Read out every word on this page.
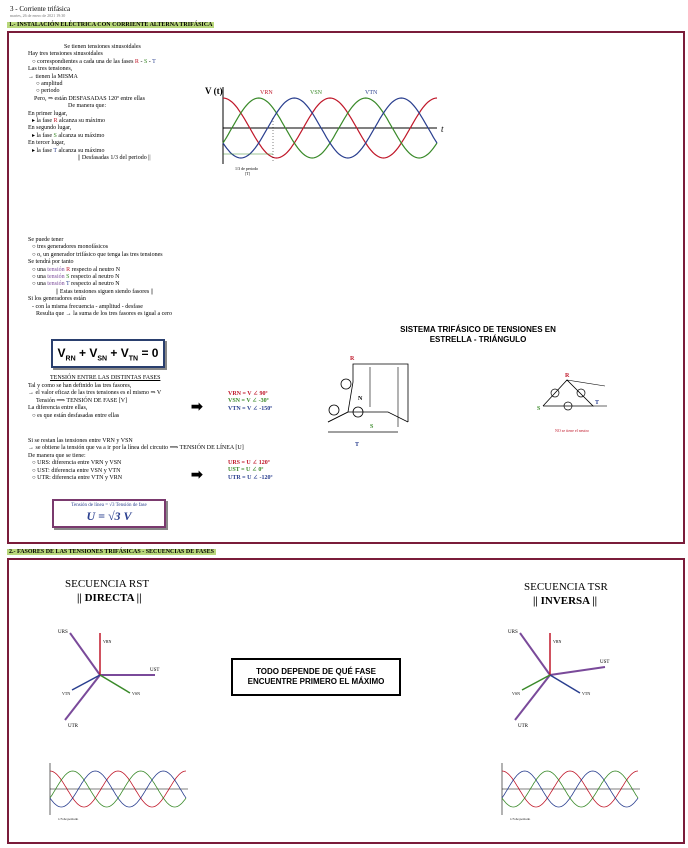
3 - Corriente trifásica
martes, 26 de enero de 2021 19:30
1.- INSTALACIÓN ELÉCTRICA CON CORRIENTE ALTERNA TRIFÁSICA
Se tienen tensiones sinusoidales
Hay tres tensiones sinusoidales
○ correspondientes a cada una de las fases R - S - T
Las tres tensiones,
→ tienen la MISMA
○ amplitud
○ periodo
Pero, ⇒ están DESFASADAS 120º entre ellas
De manera que:
En primer lugar,
▸ la fase R alcanza su máximo
En segundo lugar,
▸ la fase S alcanza su máximo
En tercer lugar,
▸ la fase T alcanza su máximo
|| Desfasadas 1/3 del periodo ||
V (t)
t
VRN	VSN	VTN
1/3 de periodo
[T]
Se puede tener
○ tres generadores monofásicos
○ o, un generador trifásico que tenga las tres tensiones
Se tendrá por tanto
○ una tensión R respecto al neutro N
○ una tensión S respecto al neutro N
○ una tensión T respecto al neutro N
|| Estas tensiones siguen siendo fasores ||
Si los generadores están
- con la misma frecuencia - amplitud - desfase
Resulta que → la suma de los tres fasores es igual a cero
$V_{RN} + V_{SN} + V_{TN} = 0$
SISTEMA TRIFÁSICO DE TENSIONES EN ESTRELLA - TRIÁNGULO
TENSIÓN ENTRE LAS DISTINTAS FASES
Tal y como se han definido las tres fasores,
→ el valor eficaz de las tres tensiones es el mismo ⇒ V
Tensión ⟹ TENSIÓN DE FASE [V]
La diferencia entre ellas,
○ es que están desfasadas entre ellas
➡
VRN = V ∠ 90º
VSN = V ∠ -30º
VTN = V ∠ -150º
Si se restan las tensiones entre VRN y VSN
→ se obtiene la tensión que va a ir por la línea del circuito ⟹ TENSIÓN DE LÍNEA [U]
De manera que se tiene:
○ URS: diferencia entre VRN y VSN
○ UST: diferencia entre VSN y VTN
○ UTR: diferencia entre VTN y VRN	➡
URS = U ∠ 120º
UST = U ∠ 0º
UTR = U ∠ -120º
Tensión de línea = √3 Tensión de fase
U = √3 V
R
S
T
N
R
S
T
NO se tiene el neutro
2.- FASORES DE LAS TENSIONES TRIFÁSICAS - SECUENCIAS DE FASES
SECUENCIA RST
|| DIRECTA ||
SECUENCIA TSR
|| INVERSA ||
URS
UST
UTR
VRN
VSN
VTN
URS
UST
UTR
VRN
VTN
VSN
TODO DEPENDE DE QUÉ FASE ENCUENTRE PRIMERO EL MÁXIMO
1/3 de periodo	1/3 de periodo
